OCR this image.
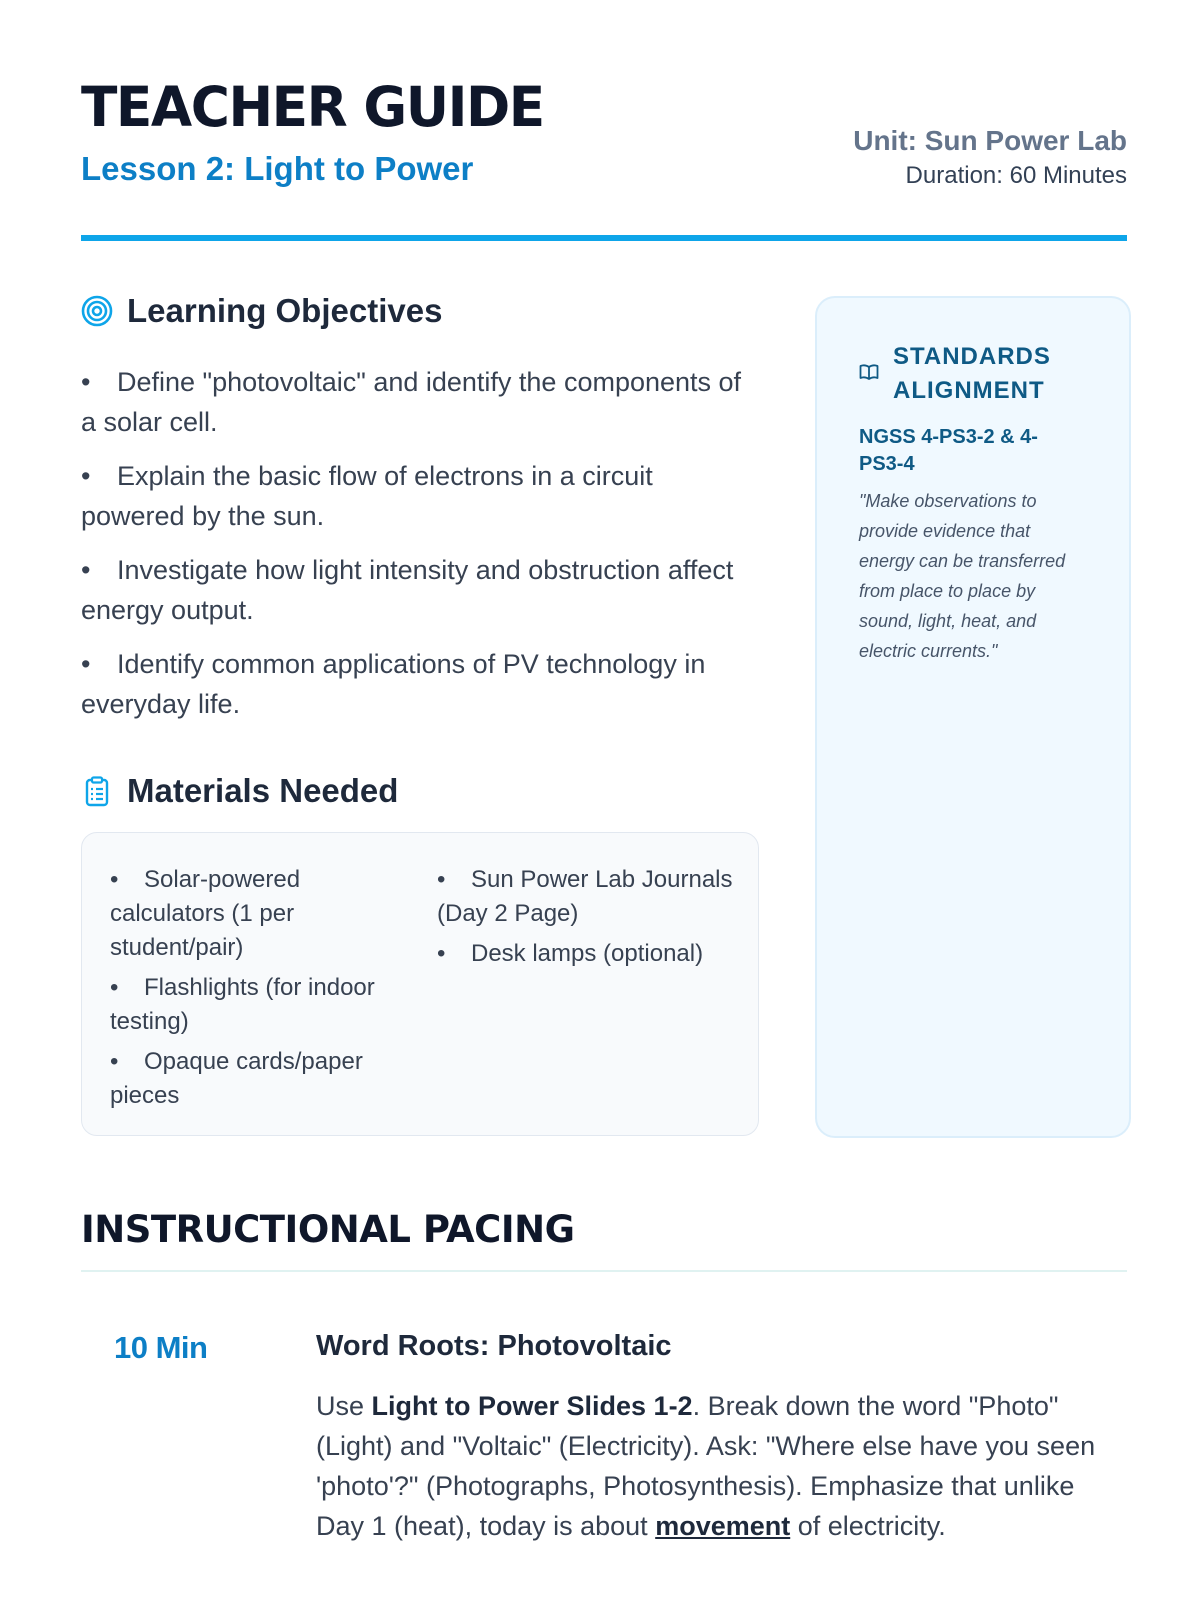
TEACHER GUIDE
Lesson 2: Light to Power
Unit: Sun Power Lab
Duration: 60 Minutes
Learning Objectives
• Define "photovoltaic" and identify the components of a solar cell.
• Explain the basic flow of electrons in a circuit powered by the sun.
• Investigate how light intensity and obstruction affect energy output.
• Identify common applications of PV technology in everyday life.
Materials Needed
• Solar-powered calculators (1 per student/pair)
• Flashlights (for indoor testing)
• Opaque cards/paper pieces
• Sun Power Lab Journals (Day 2 Page)
• Desk lamps (optional)
STANDARDS ALIGNMENT
NGSS 4-PS3-2 & 4-PS3-4
"Make observations to provide evidence that energy can be transferred from place to place by sound, light, heat, and electric currents."
INSTRUCTIONAL PACING
10 Min	Word Roots: Photovoltaic
Use Light to Power Slides 1-2. Break down the word "Photo" (Light) and "Voltaic" (Electricity). Ask: "Where else have you seen 'photo'?" (Photographs, Photosynthesis). Emphasize that unlike Day 1 (heat), today is about movement of electricity.
